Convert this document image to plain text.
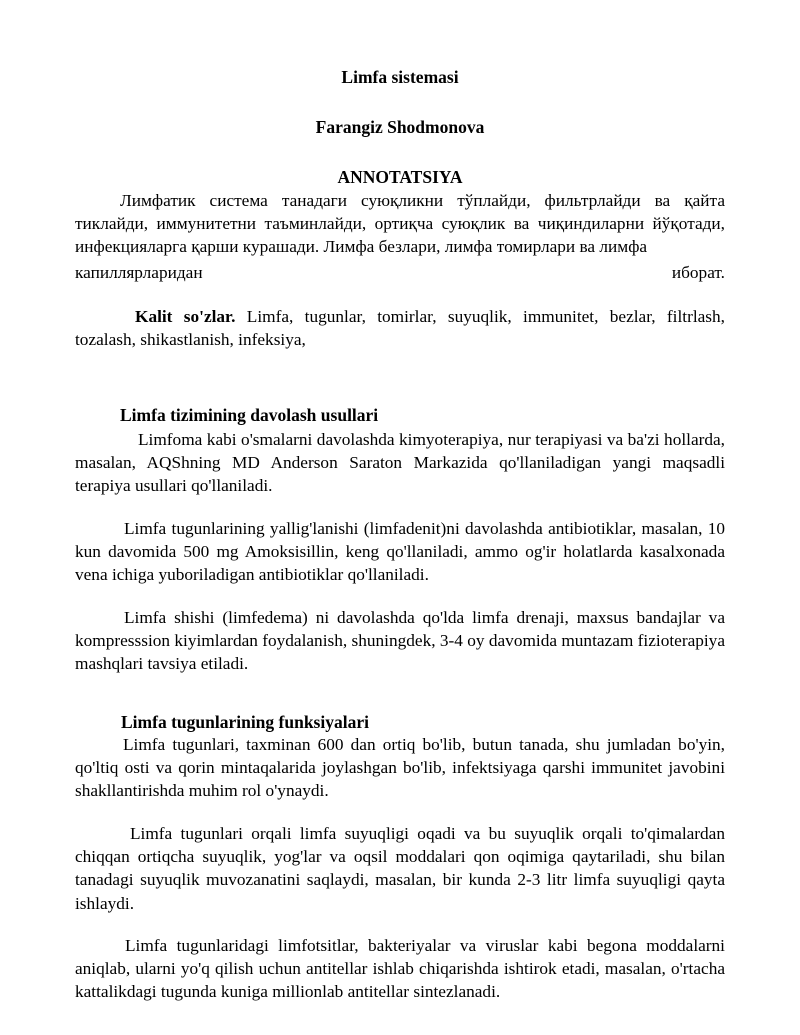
Limfa sistemasi

Farangiz Shodmonova

ANNOTATSIYA

Лимфатик система танадаги суюқликни тўплайди, фильтрлайди ва қайта тиклайди, иммунитетни таъминлайди, ортиқча суюқлик ва чиқиндиларни йўқотади, инфекцияларга қарши курашади. Лимфа безлари, лимфа томирлари ва лимфа

капиллярларидан	иборат.

Kalit so'zlar. Limfa, tugunlar, tomirlar, suyuqlik, immunitet, bezlar, filtrlash, tozalash, shikastlanish, infeksiya,

Limfa tizimining davolash usullari

Limfoma kabi o'smalarni davolashda kimyoterapiya, nur terapiyasi va ba'zi hollarda, masalan, AQShning MD Anderson Saraton Markazida qo'llaniladigan yangi maqsadli terapiya usullari qo'llaniladi.

Limfa tugunlarining yallig'lanishi (limfadenit)ni davolashda antibiotiklar, masalan, 10 kun davomida 500 mg Amoksisillin, keng qo'llaniladi, ammo og'ir holatlarda kasalxonada vena ichiga yuboriladigan antibiotiklar qo'llaniladi.

Limfa shishi (limfedema) ni davolashda qo'lda limfa drenaji, maxsus bandajlar va kompresssion kiyimlardan foydalanish, shuningdek, 3-4 oy davomida muntazam fizioterapiya mashqlari tavsiya etiladi.

Limfa tugunlarining funksiyalari

Limfa tugunlari, taxminan 600 dan ortiq bo'lib, butun tanada, shu jumladan bo'yin, qo'ltiq osti va qorin mintaqalarida joylashgan bo'lib, infektsiyaga qarshi immunitet javobini shakllantirishda muhim rol o'ynaydi.

Limfa tugunlari orqali limfa suyuqligi oqadi va bu suyuqlik orqali to'qimalardan chiqqan ortiqcha suyuqlik, yog'lar va oqsil moddalari qon oqimiga qaytariladi, shu bilan tanadagi suyuqlik muvozanatini saqlaydi, masalan, bir kunda 2-3 litr limfa suyuqligi qayta ishlaydi.

Limfa tugunlaridagi limfotsitlar, bakteriyalar va viruslar kabi begona moddalarni aniqlab, ularni yo'q qilish uchun antitellar ishlab chiqarishda ishtirok etadi, masalan, o'rtacha kattalikdagi tugunda kuniga millionlab antitellar sintezlanadi.
